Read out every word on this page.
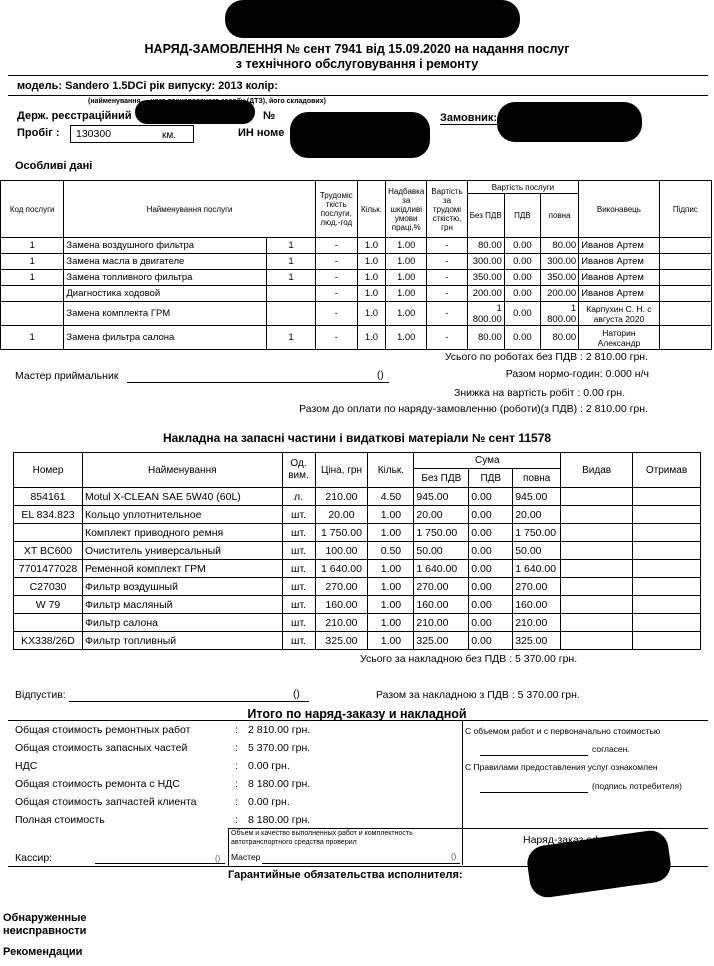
НАРЯД-ЗАМОВЛЕННЯ № сент 7941 від 15.09.2020 на надання послуг
з технічного обслуговування і ремонту
модель: Sandero 1.5DCi рік випуску: 2013 колір:
(найменування ... ного транспортного засобу (ДТЗ), його складових)
Держ. реєстраційний	№	Замовник:
Пробіг : 130300	км.	ИН номе
Особливі дані
Код послуги	Найменування послуги		Трудоміс ткість послуги, люд.-год	Кільк.	Надбавка за шкідливі умови праці,%	Вартість за трудомі сткістю, грн	Вартість послуги			Виконавець	Підпис
							Без ПДВ	ПДВ	повна		
1	Замена воздушного фильтра	1	-	1.0	1.00	-	80.00	0.00	80.00	Иванов Артем	
1	Замена масла в двигателе	1	-	1.0	1.00	-	300.00	0.00	300.00	Иванов Артем	
1	Замена топливного фильтра	1	-	1.0	1.00	-	350.00	0.00	350.00	Иванов Артем	
	Диагностика ходовой		-	1.0	1.00	-	200.00	0.00	200.00	Иванов Артем	
	Замена комплекта ГРМ		-	1.0	1.00	-	1 800.00	0.00	1 800.00	Карпухин С. Н. с августа 2020	
1	Замена фильтра салона	1	-	1.0	1.00	-	80.00	0.00	80.00	Наторин Александр	
Усього по роботах без ПДВ : 2 810.00 грн.
Мастер приймальник	()	Разом нормо-годин: 0.000 н/ч
Знижка на вартість робіт : 0.00 грн.
Разом до оплати по наряду-замовленню (роботи)(з ПДВ) : 2 810.00 грн.
Накладна на запасні частини і видаткові матеріали № сент 11578
Номер	Найменування	Од. вим.	Ціна, грн	Кільк.	Сума			Видав	Отримав
					Без ПДВ	ПДВ	повна		
854161	Motul X-CLEAN SAE 5W40 (60L)	л.	210.00	4.50	945.00	0.00	945.00		
EL 834.823	Кольцо уплотнительное	шт.	20.00	1.00	20.00	0.00	20.00		
	Комплект приводного ремня	шт.	1 750.00	1.00	1 750.00	0.00	1 750.00		
XT BC600	Очиститель универсальный	шт.	100.00	0.50	50.00	0.00	50.00		
7701477028	Ременной комплект ГРМ	шт.	1 640.00	1.00	1 640.00	0.00	1 640.00		
C27030	Фильтр воздушный	шт.	270.00	1.00	270.00	0.00	270.00		
W 79	Фильтр масляный	шт.	160.00	1.00	160.00	0.00	160.00		
	Фильтр салона	шт.	210.00	1.00	210.00	0.00	210.00		
KX338/26D	Фильтр топливный	шт.	325.00	1.00	325.00	0.00	325.00		
Усього за накладною без ПДВ : 5 370.00 грн.
Відпустив:	()	Разом за накладною з ПДВ : 5 370.00 грн.
Итого по наряд-заказу и накладной
Общая стоимость ремонтных работ	: 2 810.00 грн.
Общая стоимость запасных частей	: 5 370.00 грн.
НДС	: 0.00 грн.
Общая стоимость ремонта с НДС	: 8 180.00 грн.
Общая стоимость запчастей клиента	: 0.00 грн.
Полная стоимость	: 8 180.00 грн.
С объемом работ и с первоначально стоимостью
согласен.
С Правилами предоставления услуг ознакомлен
(подпись потребителя)
Объем и качество выполненных работ и комплектность автотранспортного средства проверил
Мастер	()
Кассир:	()
Наряд-заказ оформил:
Гарантийные обязательства исполнителя:
Обнаруженные неисправности
Рекомендации
